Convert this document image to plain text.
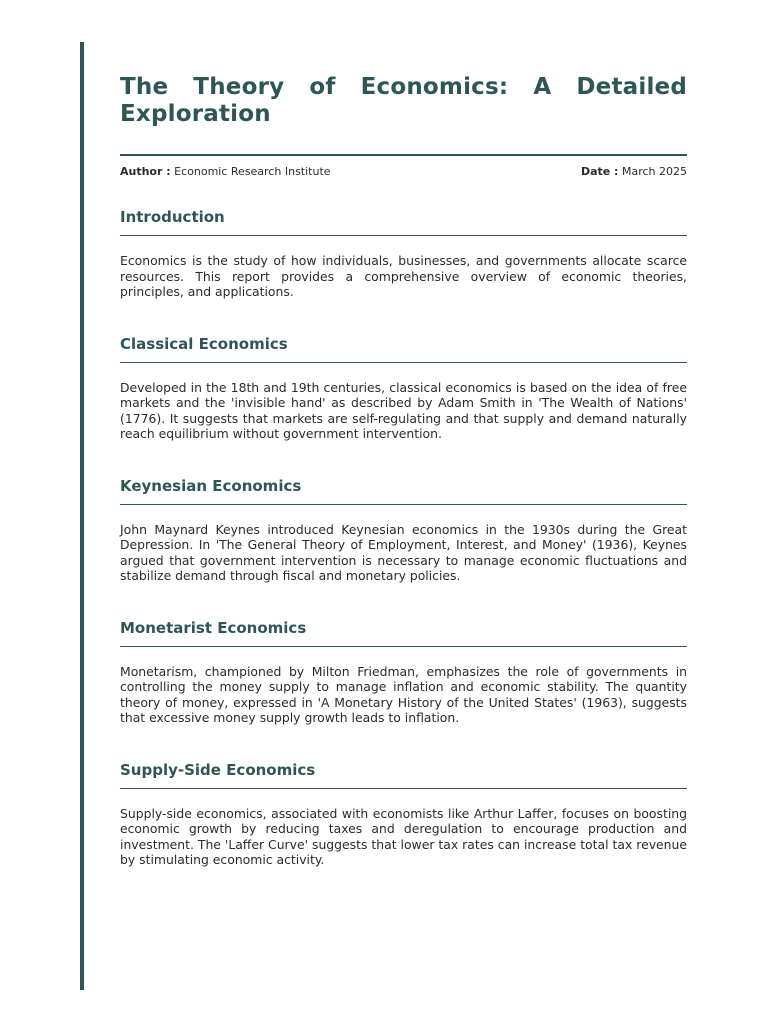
The Theory of Economics: A Detailed Exploration
Author : Economic Research Institute	Date : March 2025
Introduction

Economics is the study of how individuals, businesses, and governments allocate scarce resources. This report provides a comprehensive overview of economic theories, principles, and applications.

Classical Economics

Developed in the 18th and 19th centuries, classical economics is based on the idea of free markets and the 'invisible hand' as described by Adam Smith in 'The Wealth of Nations' (1776). It suggests that markets are self-regulating and that supply and demand naturally reach equilibrium without government intervention.

Keynesian Economics

John Maynard Keynes introduced Keynesian economics in the 1930s during the Great Depression. In 'The General Theory of Employment, Interest, and Money' (1936), Keynes argued that government intervention is necessary to manage economic fluctuations and stabilize demand through fiscal and monetary policies.

Monetarist Economics

Monetarism, championed by Milton Friedman, emphasizes the role of governments in controlling the money supply to manage inflation and economic stability. The quantity theory of money, expressed in 'A Monetary History of the United States' (1963), suggests that excessive money supply growth leads to inflation.

Supply-Side Economics

Supply-side economics, associated with economists like Arthur Laffer, focuses on boosting economic growth by reducing taxes and deregulation to encourage production and investment. The 'Laffer Curve' suggests that lower tax rates can increase total tax revenue by stimulating economic activity.
